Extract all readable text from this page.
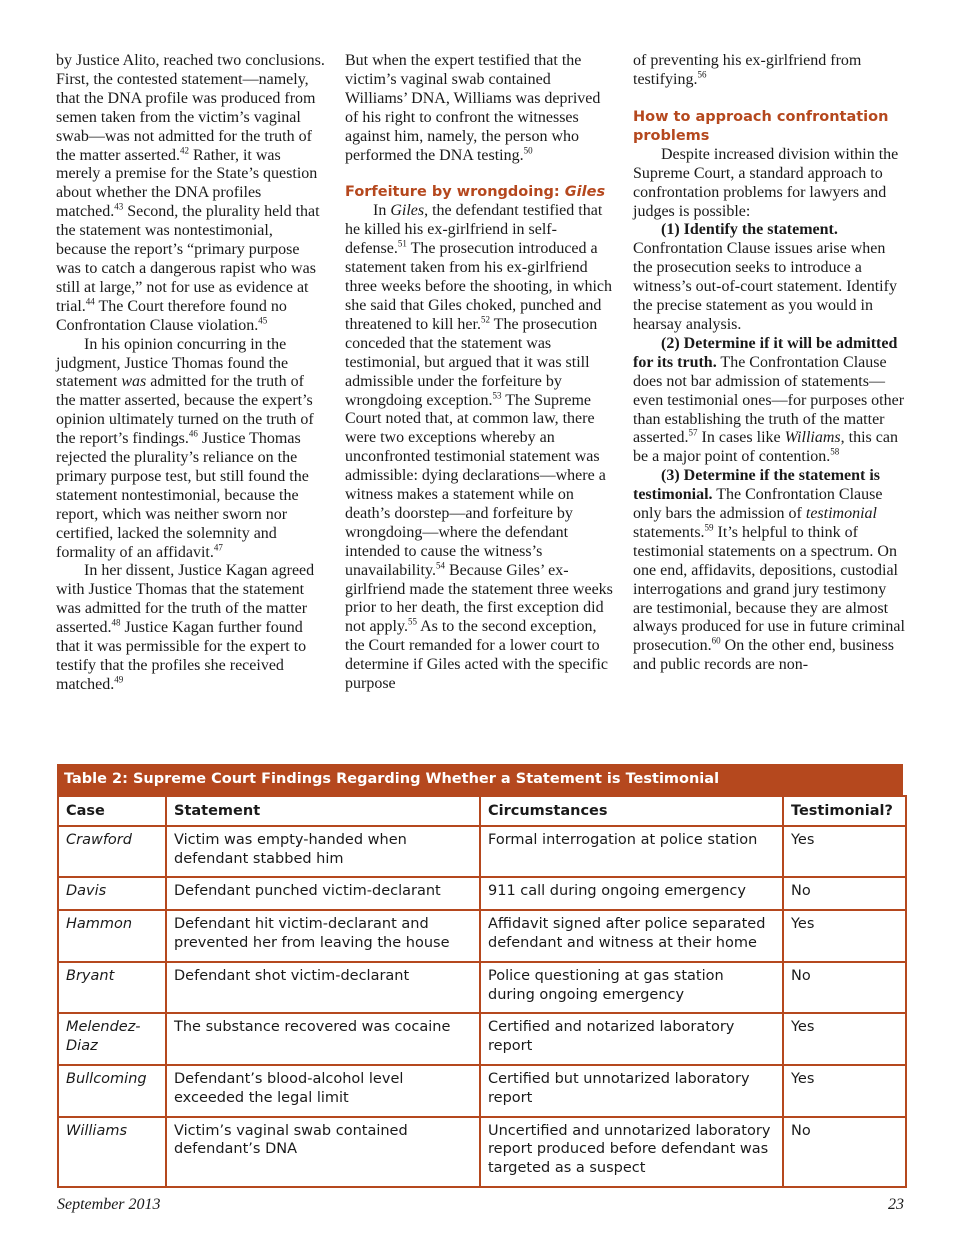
by Justice Alito, reached two conclusions. First, the contested statement—namely, that the DNA profile was produced from semen taken from the victim’s vaginal swab—was not admitted for the truth of the matter asserted.$^{42}$ Rather, it was merely a premise for the State’s question about whether the DNA profiles matched.$^{43}$ Second, the plurality held that the statement was nontestimonial, because the report’s “primary purpose was to catch a dangerous rapist who was still at large,” not for use as evidence at trial.$^{44}$ The Court therefore found no Confrontation Clause violation.$^{45}$

In his opinion concurring in the judgment, Justice Thomas found the statement was admitted for the truth of the matter asserted, because the expert’s opinion ultimately turned on the truth of the report’s findings.$^{46}$ Justice Thomas rejected the plurality’s reliance on the primary purpose test, but still found the statement nontestimonial, because the report, which was neither sworn nor certified, lacked the solemnity and formality of an affidavit.$^{47}$

In her dissent, Justice Kagan agreed with Justice Thomas that the statement was admitted for the truth of the matter asserted.$^{48}$ Justice Kagan further found that it was permissible for the expert to testify that the profiles she received matched.$^{49}$

But when the expert testified that the victim’s vaginal swab contained Williams’ DNA, Williams was deprived of his right to confront the witnesses against him, namely, the person who performed the DNA testing.$^{50}$

Forfeiture by wrongdoing: Giles

In Giles, the defendant testified that he killed his ex-girlfriend in self-defense.$^{51}$ The prosecution introduced a statement taken from his ex-girlfriend three weeks before the shooting, in which she said that Giles choked, punched and threatened to kill her.$^{52}$ The prosecution conceded that the statement was testimonial, but argued that it was still admissible under the forfeiture by wrongdoing exception.$^{53}$ The Supreme Court noted that, at common law, there were two exceptions whereby an unconfronted testimonial statement was admissible: dying declarations—where a witness makes a statement while on death’s doorstep—and forfeiture by wrongdoing—where the defendant intended to cause the witness’s unavailability.$^{54}$ Because Giles’ ex-girlfriend made the statement three weeks prior to her death, the first exception did not apply.$^{55}$ As to the second exception, the Court remanded for a lower court to determine if Giles acted with the specific purpose

of preventing his ex-girlfriend from testifying.$^{56}$

How to approach confrontation problems

Despite increased division within the Supreme Court, a standard approach to confrontation problems for lawyers and judges is possible:

(1) Identify the statement. Confrontation Clause issues arise when the prosecution seeks to introduce a witness’s out-of-court statement. Identify the precise statement as you would in hearsay analysis.

(2) Determine if it will be admitted for its truth. The Confrontation Clause does not bar admission of statements—even testimonial ones—for purposes other than establishing the truth of the matter asserted.$^{57}$ In cases like Williams, this can be a major point of contention.$^{58}$

(3) Determine if the statement is testimonial. The Confrontation Clause only bars the admission of testimonial statements.$^{59}$ It’s helpful to think of testimonial statements on a spectrum. On one end, affidavits, depositions, custodial interrogations and grand jury testimony are testimonial, because they are almost always produced for use in future criminal prosecution.$^{60}$ On the other end, business and public records are non-

Table 2: Supreme Court Findings Regarding Whether a Statement is Testimonial
Case	Statement	Circumstances	Testimonial?
Crawford	Victim was empty-handed when defendant stabbed him	Formal interrogation at police station	Yes
Davis	Defendant punched victim-declarant	911 call during ongoing emergency	No
Hammon	Defendant hit victim-declarant and prevented her from leaving the house	Affidavit signed after police separated defendant and witness at their home	Yes
Bryant	Defendant shot victim-declarant	Police questioning at gas station during ongoing emergency	No
Melendez-Diaz	The substance recovered was cocaine	Certified and notarized laboratory report	Yes
Bullcoming	Defendant’s blood-alcohol level exceeded the legal limit	Certified but unnotarized laboratory report	Yes
Williams	Victim’s vaginal swab contained defendant’s DNA	Uncertified and unnotarized laboratory report produced before defendant was targeted as a suspect	No
September 2013	23
